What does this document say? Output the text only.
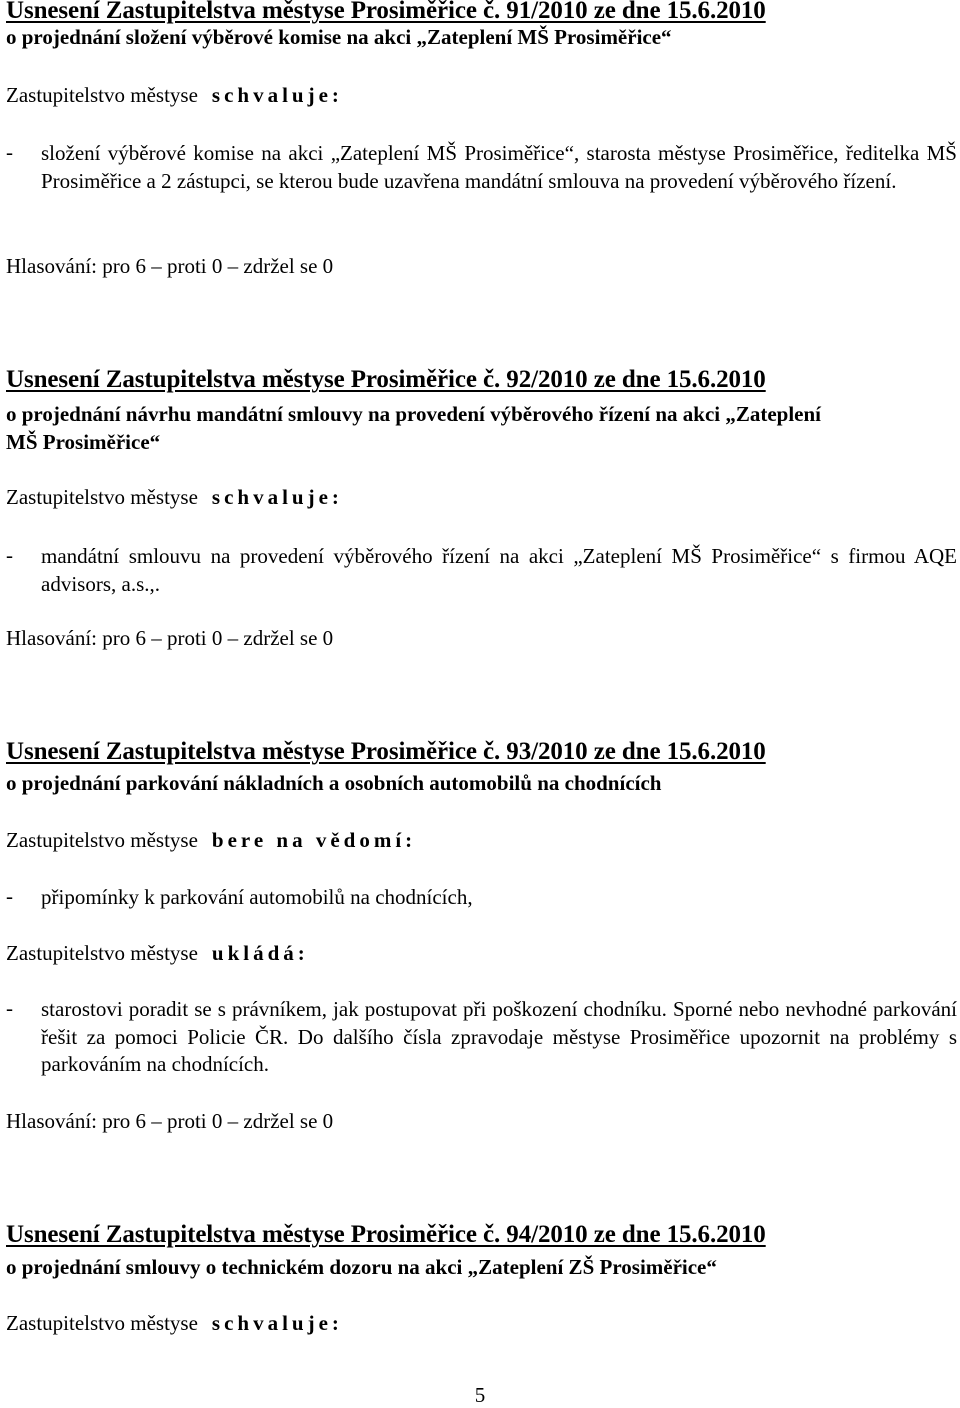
Usnesení Zastupitelstva městyse Prosiměřice č. 91/2010 ze dne 15.6.2010
o projednání složení výběrové komise na akci „Zateplení MŠ Prosiměřice“
Zastupitelstvo městyse schvaluje:
- složení výběrové komise na akci „Zateplení MŠ Prosiměřice“, starosta městyse Prosiměřice, ředitelka MŠ Prosiměřice a 2 zástupci, se kterou bude uzavřena mandátní smlouva na provedení výběrového řízení.
Hlasování: pro 6 – proti 0 – zdržel se 0
Usnesení Zastupitelstva městyse Prosiměřice č. 92/2010 ze dne 15.6.2010
o projednání návrhu mandátní smlouvy na provedení výběrového řízení na akci „Zateplení
MŠ Prosiměřice“
Zastupitelstvo městyse schvaluje:
- mandátní smlouvu na provedení výběrového řízení na akci „Zateplení MŠ Prosiměřice“ s firmou AQE advisors, a.s.,.
Hlasování: pro 6 – proti 0 – zdržel se 0
Usnesení Zastupitelstva městyse Prosiměřice č. 93/2010 ze dne 15.6.2010
o projednání parkování nákladních a osobních automobilů na chodnících
Zastupitelstvo městyse bere na vědomí:
- připomínky k parkování automobilů na chodnících,
Zastupitelstvo městyse ukládá:
- starostovi poradit se s právníkem, jak postupovat při poškození chodníku. Sporné nebo nevhodné parkování řešit za pomoci Policie ČR. Do dalšího čísla zpravodaje městyse Prosiměřice upozornit na problémy s parkováním na chodnících.
Hlasování: pro 6 – proti 0 – zdržel se 0
Usnesení Zastupitelstva městyse Prosiměřice č. 94/2010 ze dne 15.6.2010
o projednání smlouvy o technickém dozoru na akci „Zateplení ZŠ Prosiměřice“
Zastupitelstvo městyse schvaluje:
5
